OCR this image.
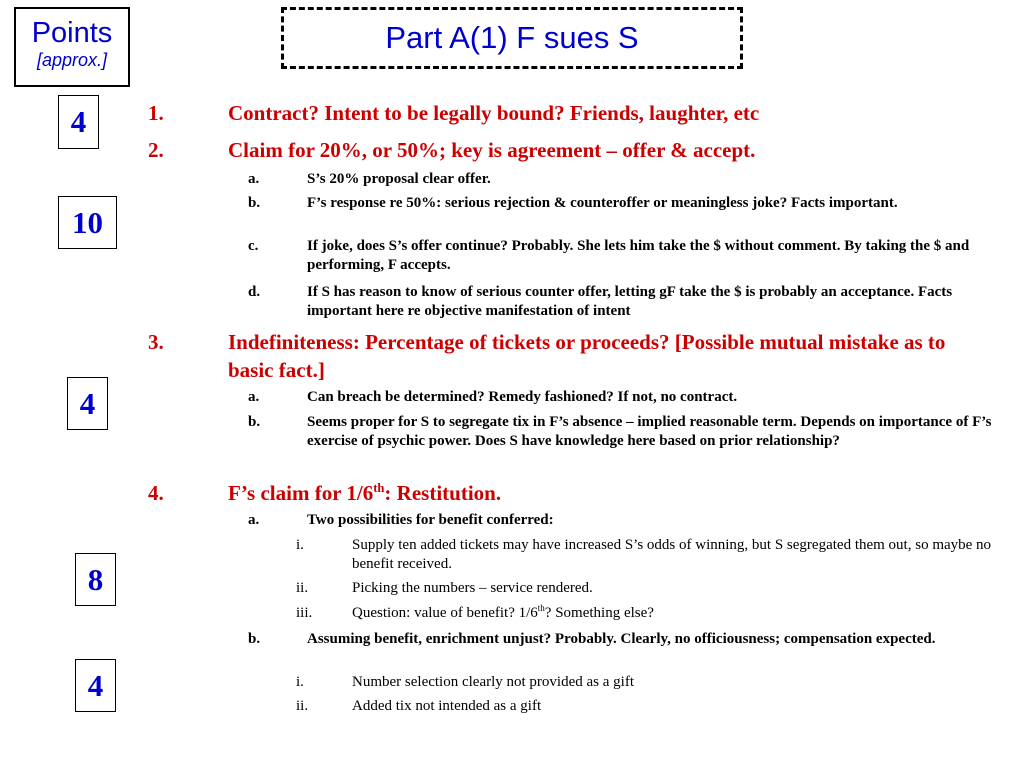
Points
[approx.]
Part A(1) F sues S
4
10
4
8
4
1.	Contract? Intent to be legally bound? Friends, laughter, etc
2.	Claim for 20%, or 50%; key is agreement – offer & accept.
a.	S’s 20% proposal clear offer.
b.	F’s response re 50%: serious rejection & counteroffer or meaningless joke? Facts important.
c.	If joke, does S’s offer continue? Probably. She lets him take the $ without comment. By taking the $ and performing, F accepts.
d.	If S has reason to know of serious counter offer, letting gF take the $ is probably an acceptance. Facts important here re objective manifestation of intent
3.	Indefiniteness: Percentage of tickets or proceeds? [Possible mutual mistake as to basic fact.]
a.	Can breach be determined? Remedy fashioned? If not, no contract.
b.	Seems proper for S to segregate tix in F’s absence – implied reasonable term. Depends on importance of F’s exercise of psychic power. Does S have knowledge here based on prior relationship?
4.	F’s claim for 1/6th: Restitution.
a.	Two possibilities for benefit conferred:
i.	Supply ten added tickets may have increased S’s odds of winning, but S segregated them out, so maybe no benefit received.
ii.	Picking the numbers – service rendered.
iii.	Question: value of benefit? 1/6th? Something else?
b.	Assuming benefit, enrichment unjust? Probably. Clearly, no officiousness; compensation expected.
i.	Number selection clearly not provided as a gift
ii.	Added tix not intended as a gift
